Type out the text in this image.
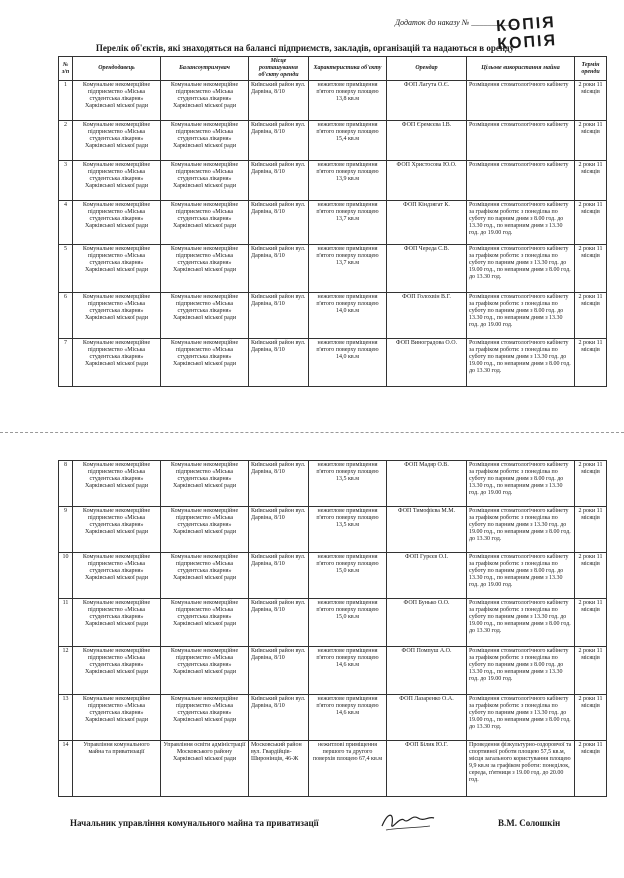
Додаток до наказу № ___________
КОПІЯ
КОПІЯ
Перелік об'єктів, які знаходяться на балансі підприємств, закладів, організацій та надаються в оренду
№ з/п	Орендодавець	Балансоутримувач	Місце розташування об'єкту оренди	Характеристика об'єкту	Орендар	Цільове використання майна	Термін оренди
1	Комунальне некомерційне підприємство «Міська студентська лікарня» Харківської міської ради	Комунальне некомерційне підприємство «Міська студентська лікарня» Харківської міської ради	Київський район вул. Дарвіна, 8/10	нежитлове приміщення п'ятого поверху площею 13,8 кв.м	ФОП Лагута О.Є.	Розміщення стоматологічного кабінету	2 роки 11 місяців
2	Комунальне некомерційне підприємство «Міська студентська лікарня» Харківської міської ради	Комунальне некомерційне підприємство «Міська студентська лікарня» Харківської міської ради	Київський район вул. Дарвіна, 8/10	нежитлове приміщення п'ятого поверху площею 15,4 кв.м	ФОП Єремєєва І.В.	Розміщення стоматологічного кабінету	2 роки 11 місяців
3	Комунальне некомерційне підприємство «Міська студентська лікарня» Харківської міської ради	Комунальне некомерційне підприємство «Міська студентська лікарня» Харківської міської ради	Київський район вул. Дарвіна, 8/10	нежитлове приміщення п'ятого поверху площею 13,9 кв.м	ФОП Христосова Ю.О.	Розміщення стоматологічного кабінету	2 роки 11 місяців
4	Комунальне некомерційне підприємство «Міська студентська лікарня» Харківської міської ради	Комунальне некомерційне підприємство «Міська студентська лікарня» Харківської міської ради	Київський район вул. Дарвіна, 8/10	нежитлове приміщення п'ятого поверху площею 13,7 кв.м	ФОП Кіндзягат К.	Розміщення стоматологічного кабінету за графіком роботи: з понеділка по суботу по парним дням з 8.00 год. до 13.30 год., по непарним дням з 13.30 год. до 19.00 год.	2 роки 11 місяців
5	Комунальне некомерційне підприємство «Міська студентська лікарня» Харківської міської ради	Комунальне некомерційне підприємство «Міська студентська лікарня» Харківської міської ради	Київський район вул. Дарвіна, 8/10	нежитлове приміщення п'ятого поверху площею 13,7 кв.м	ФОП Чередa С.В.	Розміщення стоматологічного кабінету за графіком роботи: з понеділка по суботу по парним дням з 13.30 год. до 19.00 год., по непарним дням з 8.00 год. до 13.30 год.	2 роки 11 місяців
6	Комунальне некомерційне підприємство «Міська студентська лікарня» Харківської міської ради	Комунальне некомерційне підприємство «Міська студентська лікарня» Харківської міської ради	Київський район вул. Дарвіна, 8/10	нежитлове приміщення п'ятого поверху площею 14,0 кв.м	ФОП Голохвін В.Г.	Розміщення стоматологічного кабінету за графіком роботи: з понеділка по суботу по парним дням з 8.00 год. до 13.30 год., по непарним дням з 13.30 год. до 19.00 год.	2 роки 11 місяців
7	Комунальне некомерційне підприємство «Міська студентська лікарня» Харківської міської ради	Комунальне некомерційне підприємство «Міська студентська лікарня» Харківської міської ради	Київський район вул. Дарвіна, 8/10	нежитлове приміщення п'ятого поверху площею 14,0 кв.м	ФОП Виноградова О.О.	Розміщення стоматологічного кабінету за графіком роботи: з понеділка по суботу по парним дням з 13.30 год. до 19.00 год., по непарним дням з 8.00 год. до 13.30 год.	2 роки 11 місяців
8	Комунальне некомерційне підприємство «Міська студентська лікарня» Харківської міської ради	Комунальне некомерційне підприємство «Міська студентська лікарня» Харківської міської ради	Київський район вул. Дарвіна, 8/10	нежитлове приміщення п'ятого поверху площею 13,5 кв.м	ФОП Мадяр О.В.	Розміщення стоматологічного кабінету за графіком роботи: з понеділка по суботу по парним дням з 8.00 год. до 13.30 год., по непарним дням з 13.30 год. до 19.00 год.	2 роки 11 місяців
9	Комунальне некомерційне підприємство «Міська студентська лікарня» Харківської міської ради	Комунальне некомерційне підприємство «Міська студентська лікарня» Харківської міської ради	Київський район вул. Дарвіна, 8/10	нежитлове приміщення п'ятого поверху площею 13,5 кв.м	ФОП Тимофієва М.М.	Розміщення стоматологічного кабінету за графіком роботи: з понеділка по суботу по парним дням з 13.30 год. до 19.00 год., по непарним дням з 8.00 год. до 13.30 год.	2 роки 11 місяців
10	Комунальне некомерційне підприємство «Міська студентська лікарня» Харківської міської ради	Комунальне некомерційне підприємство «Міська студентська лікарня» Харківської міської ради	Київський район вул. Дарвіна, 8/10	нежитлове приміщення п'ятого поверху площею 15,0 кв.м	ФОП Гурєєв О.І.	Розміщення стоматологічного кабінету за графіком роботи: з понеділка по суботу по парним дням з 8.00 год. до 13.30 год., по непарним дням з 13.30 год. до 19.00 год.	2 роки 11 місяців
11	Комунальне некомерційне підприємство «Міська студентська лікарня» Харківської міської ради	Комунальне некомерційне підприємство «Міська студентська лікарня» Харківської міської ради	Київський район вул. Дарвіна, 8/10	нежитлове приміщення п'ятого поверху площею 15,0 кв.м	ФОП Бунько О.О.	Розміщення стоматологічного кабінету за графіком роботи: з понеділка по суботу по парним дням з 13.30 год. до 19.00 год., по непарним дням з 8.00 год. до 13.30 год.	2 роки 11 місяців
12	Комунальне некомерційне підприємство «Міська студентська лікарня» Харківської міської ради	Комунальне некомерційне підприємство «Міська студентська лікарня» Харківської міської ради	Київський район вул. Дарвіна, 8/10	нежитлове приміщення п'ятого поверху площею 14,6 кв.м	ФОП Помпуш А.О.	Розміщення стоматологічного кабінету за графіком роботи: з понеділка по суботу по парним дням з 8.00 год. до 13.30 год., по непарним дням з 13.30 год. до 19.00 год.	2 роки 11 місяців
13	Комунальне некомерційне підприємство «Міська студентська лікарня» Харківської міської ради	Комунальне некомерційне підприємство «Міська студентська лікарня» Харківської міської ради	Київський район вул. Дарвіна, 8/10	нежитлове приміщення п'ятого поверху площею 14,6 кв.м	ФОП Лазаренко О.А.	Розміщення стоматологічного кабінету за графіком роботи: з понеділка по суботу по парним дням з 13.30 год. до 19.00 год., по непарним дням з 8.00 год. до 13.30 год.	2 роки 11 місяців
14	Управління комунального майна та приватизації	Управління освіти адміністрації Московського району Харківської міської ради	Московський район вул. Гвардійців-Широнінців, 46-Ж	нежитлові приміщення першого та другого поверхів площею 67,4 кв.м	ФОП Білик Ю.Г.	Проведення фізкультурно-оздоровчої та спортивної роботи площею 57,5 кв.м, місця загального користування площею 9,9 кв.м за графіком роботи: понеділок, середа, п'ятниця з 19.00 год. до 20.00 год.	2 роки 11 місяців
Начальник управління комунального майна та приватизації	В.М. Солошкін
